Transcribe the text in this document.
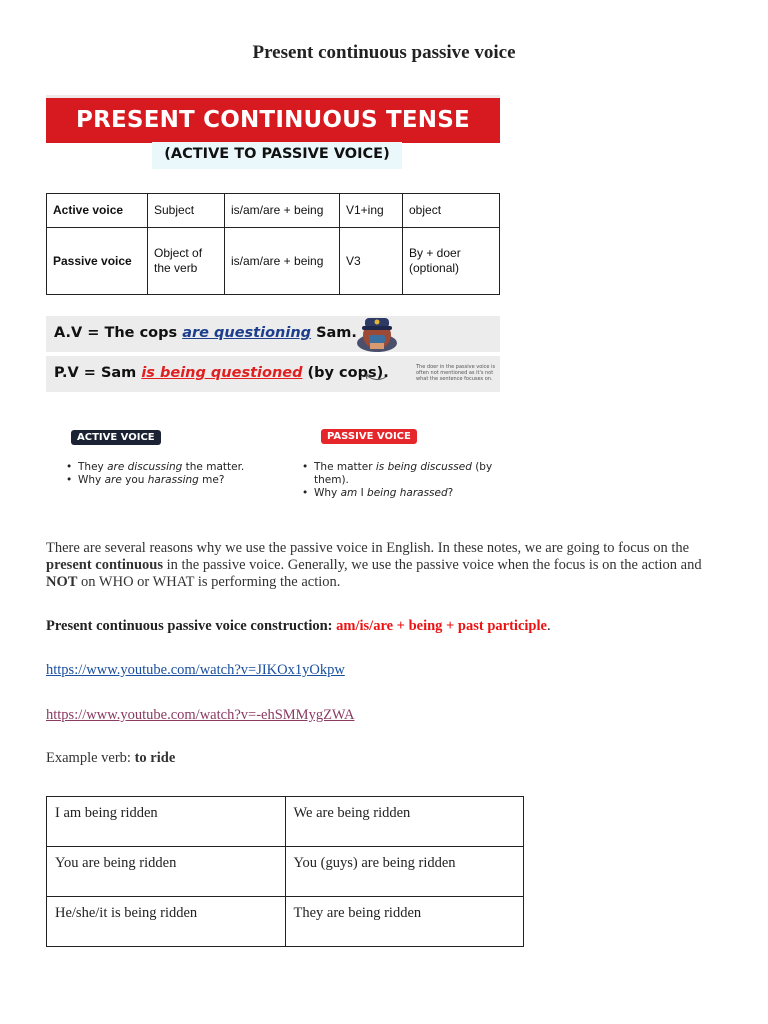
Present continuous passive voice
PRESENT CONTINUOUS TENSE
(ACTIVE TO PASSIVE VOICE)
Active voice	Subject	is/am/are + being	V1+ing	object
Passive voice	Object of the verb	is/am/are + being	V3	By + doer (optional)
A.V = The cops are questioning Sam.
P.V = Sam is being questioned (by cops).	The doer in the passive voice is often not mentioned as it's not what the sentence focuses on.
ACTIVE VOICE	PASSIVE VOICE
• They are discussing the matter.
• Why are you harassing me?
• The matter is being discussed (by them).
• Why am I being harassed?
There are several reasons why we use the passive voice in English. In these notes, we are going to focus on the present continuous in the passive voice. Generally, we use the passive voice when the focus is on the action and NOT on WHO or WHAT is performing the action.
Present continuous passive voice construction: am/is/are + being + past participle.
https://www.youtube.com/watch?v=JIKOx1yOkpw
https://www.youtube.com/watch?v=-ehSMMygZWA
Example verb: to ride
I am being ridden	We are being ridden
You are being ridden	You (guys) are being ridden
He/she/it is being ridden	They are being ridden
